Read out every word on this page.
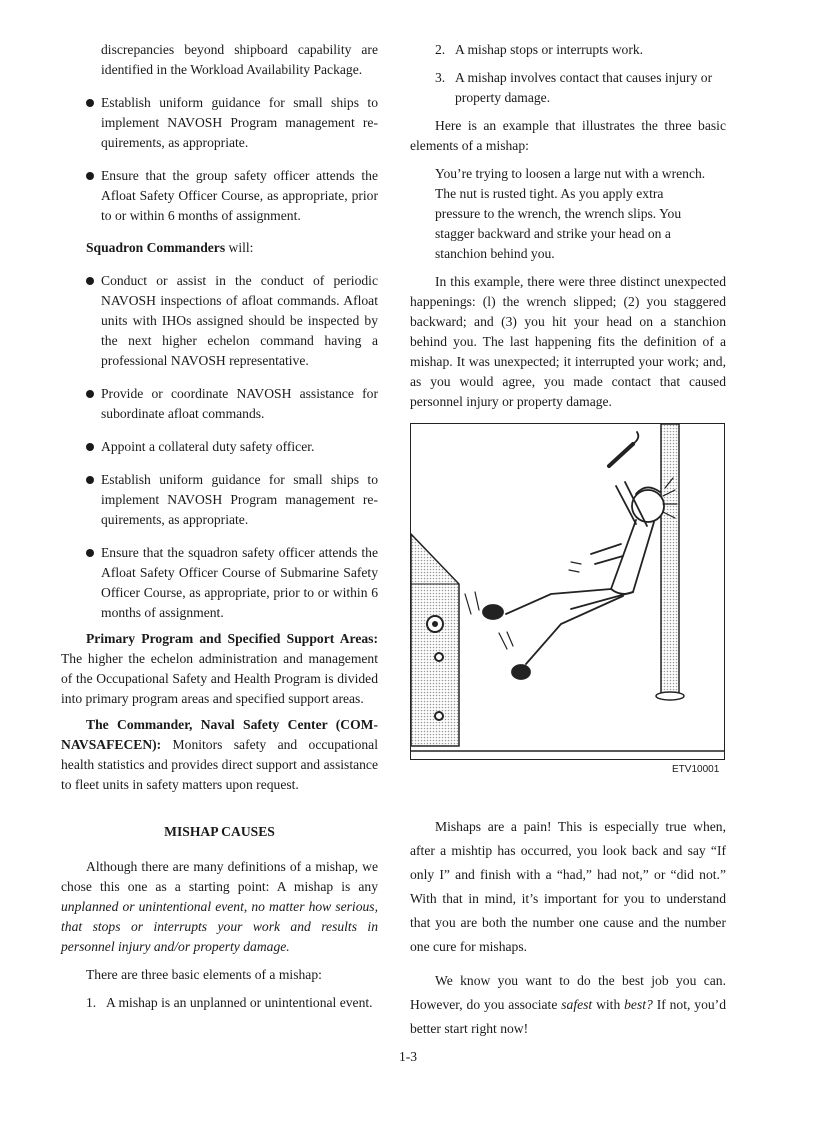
discrepancies beyond shipboard capability are identified in the Workload Availability Package.

Establish uniform guidance for small ships to implement NAVOSH Program management re-quirements, as appropriate.

Ensure that the group safety officer attends the Afloat Safety Officer Course, as appropriate, prior to or within 6 months of assignment.

Squadron Commanders will:

Conduct or assist in the conduct of periodic NAVOSH inspections of afloat commands. Afloat units with IHOs assigned should be inspected by the next higher echelon command having a professional NAVOSH representative.

Provide or coordinate NAVOSH assistance for subordinate afloat commands.

Appoint a collateral duty safety officer.

Establish uniform guidance for small ships to implement NAVOSH Program management re-quirements, as appropriate.

Ensure that the squadron safety officer attends the Afloat Safety Officer Course of Submarine Safety Officer Course, as appropriate, prior to or within 6 months of assignment.

Primary Program and Specified Support Areas: The higher the echelon administration and management of the Occupational Safety and Health Program is divided into primary program areas and specified support areas.

The Commander, Naval Safety Center (COM-NAVSAFECEN): Monitors safety and occupational health statistics and provides direct support and assistance to fleet units in safety matters upon request.

MISHAP CAUSES

Although there are many definitions of a mishap, we chose this one as a starting point: A mishap is any unplanned or unintentional event, no matter how serious, that stops or interrupts your work and results in personnel injury and/or property damage.

There are three basic elements of a mishap:

1. A mishap is an unplanned or unintentional event.

2. A mishap stops or interrupts work.

3. A mishap involves contact that causes injury or property damage.

Here is an example that illustrates the three basic elements of a mishap:

You’re trying to loosen a large nut with a wrench. The nut is rusted tight. As you apply extra pressure to the wrench, the wrench slips. You stagger backward and strike your head on a stanchion behind you.

In this example, there were three distinct unexpected happenings: (l) the wrench slipped; (2) you staggered backward; and (3) you hit your head on a stanchion behind you. The last happening fits the definition of a mishap. It was unexpected; it interrupted your work; and, as you would agree, you made contact that caused personnel injury or property damage.

ETV10001

Mishaps are a pain! This is especially true when, after a mishtip has occurred, you look back and say “If only I” and finish with a “had,” had not,” or “did not.” With that in mind, it’s important for you to understand that you are both the number one cause and the number one cure for mishaps.

We know you want to do the best job you can. However, do you associate safest with best? If not, you’d better start right now!

1-3
